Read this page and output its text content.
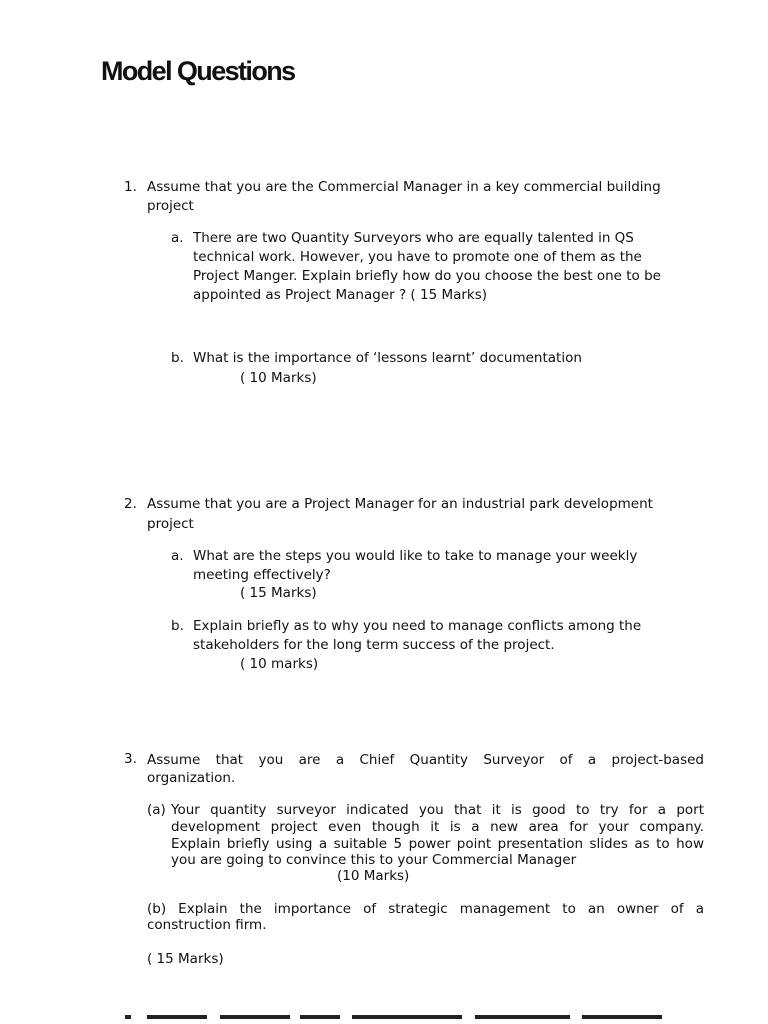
Model Questions
1. Assume that you are the Commercial Manager in a key commercial building
project
a. There are two Quantity Surveyors who are equally talented in QS
technical work. However, you have to promote one of them as the
Project Manger. Explain briefly how do you choose the best one to be
appointed as Project Manager ? ( 15 Marks)
b. What is the importance of ‘lessons learnt’ documentation
( 10 Marks)
2. Assume that you are a Project Manager for an industrial park development
project
a. What are the steps you would like to take to manage your weekly
meeting effectively?
( 15 Marks)
b. Explain briefly as to why you need to manage conflicts among the
stakeholders for the long term success of the project.
( 10 marks)
3. Assume that you are a Chief Quantity Surveyor of a project-based
organization.
(a) Your quantity surveyor indicated you that it is good to try for a port
development project even though it is a new area for your company.
Explain briefly using a suitable 5 power point presentation slides as to how
you are going to convince this to your Commercial Manager
(10 Marks)
(b) Explain the importance of strategic management to an owner of a
construction firm.
( 15 Marks)
